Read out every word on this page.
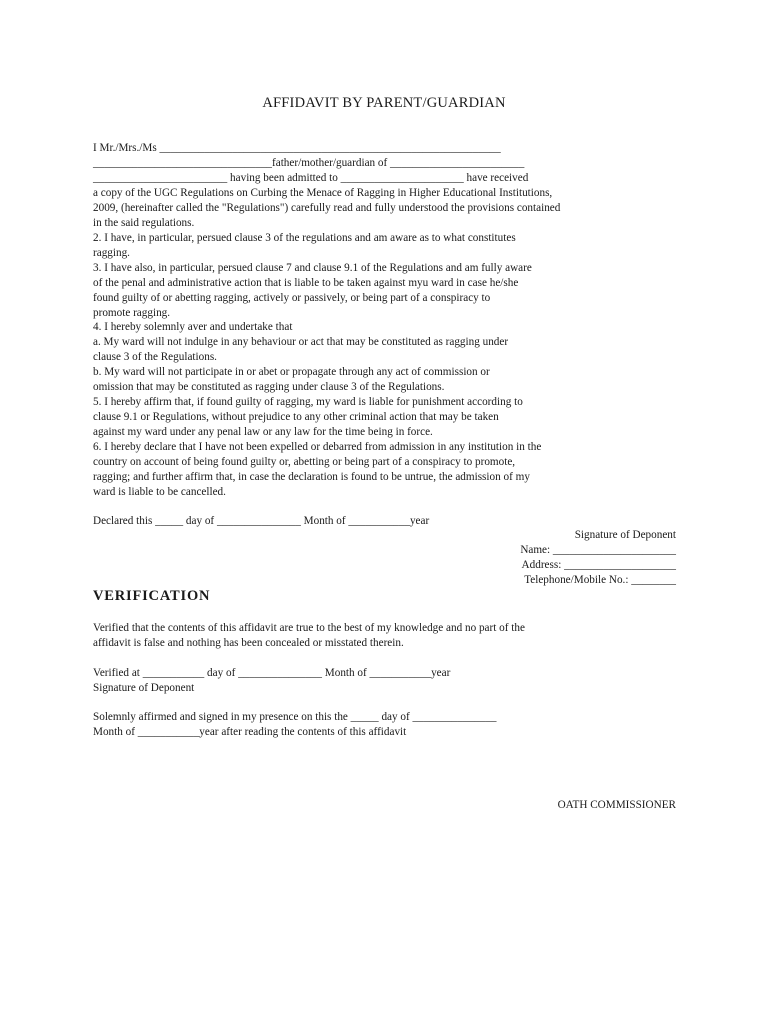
AFFIDAVIT BY PARENT/GUARDIAN
I Mr./Mrs./Ms _____________________________________________________________
________________________________father/mother/guardian of ________________________
________________________ having been admitted to ______________________ have received
a copy of the UGC Regulations on Curbing the Menace of Ragging in Higher Educational Institutions,
2009, (hereinafter called the "Regulations") carefully read and fully understood the provisions contained
in the said regulations.
2. I have, in particular, persued clause 3 of the regulations and am aware as to what constitutes
ragging.
3. I have also, in particular, persued clause 7 and clause 9.1 of the Regulations and am fully aware
of the penal and administrative action that is liable to be taken against myu ward in case he/she
found guilty of or abetting ragging, actively or passively, or being part of a conspiracy to
promote ragging.
4. I hereby solemnly aver and undertake that
a. My ward will not indulge in any behaviour or act that may be constituted as ragging under
clause 3 of the Regulations.
b. My ward will not participate in or abet or propagate through any act of commission or
omission that may be constituted as ragging under clause 3 of the Regulations.
5. I hereby affirm that, if found guilty of ragging, my ward is liable for punishment according to
clause 9.1 or Regulations, without prejudice to any other criminal action that may be taken
against my ward under any penal law or any law for the time being in force.
6. I hereby declare that I have not been expelled or debarred from admission in any institution in the
country on account of being found guilty or, abetting or being part of a conspiracy to promote,
ragging; and further affirm that, in case the declaration is found to be untrue, the admission of my
ward is liable to be cancelled.
Declared this _____ day of _______________ Month of ___________year
Signature of Deponent
Name: ______________________
Address: ____________________
Telephone/Mobile No.: ________
VERIFICATION
Verified that the contents of this affidavit are true to the best of my knowledge and no part of the
affidavit is false and nothing has been concealed or misstated therein.
Verified at ___________ day of _______________ Month of ___________year
Signature of Deponent
Solemnly affirmed and signed in my presence on this the _____ day of _______________
Month of ___________year after reading the contents of this affidavit
OATH COMMISSIONER
